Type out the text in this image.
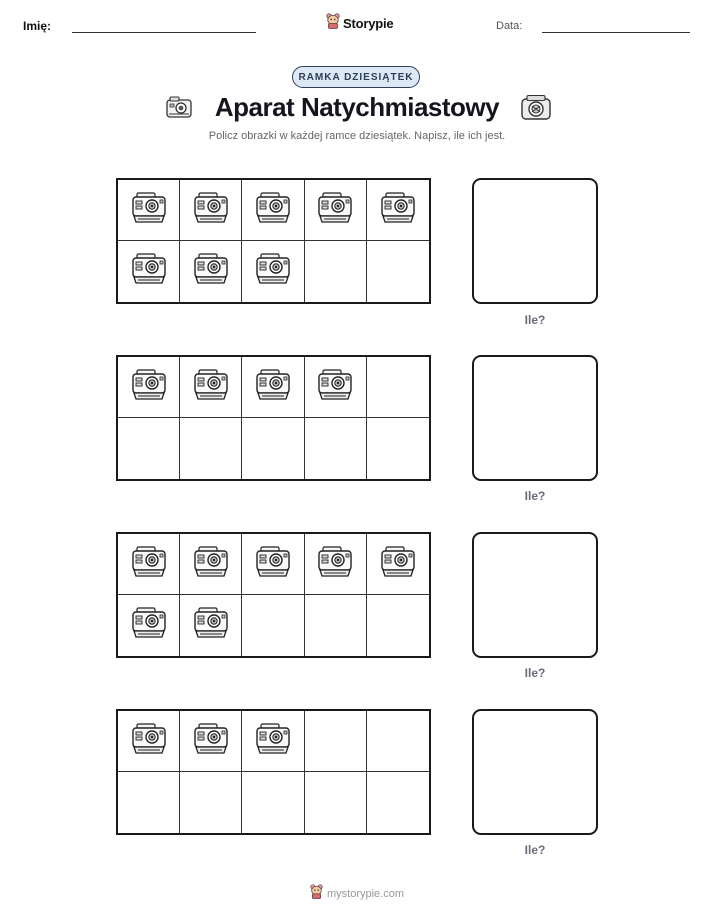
Imię:	Storypie	Data:
RAMKA DZIESIĄTEK
Aparat Natychmiastowy
Policz obrazki w każdej ramce dziesiątek. Napisz, ile ich jest.
Ile?
Ile?
Ile?
Ile?
mystorypie.com
